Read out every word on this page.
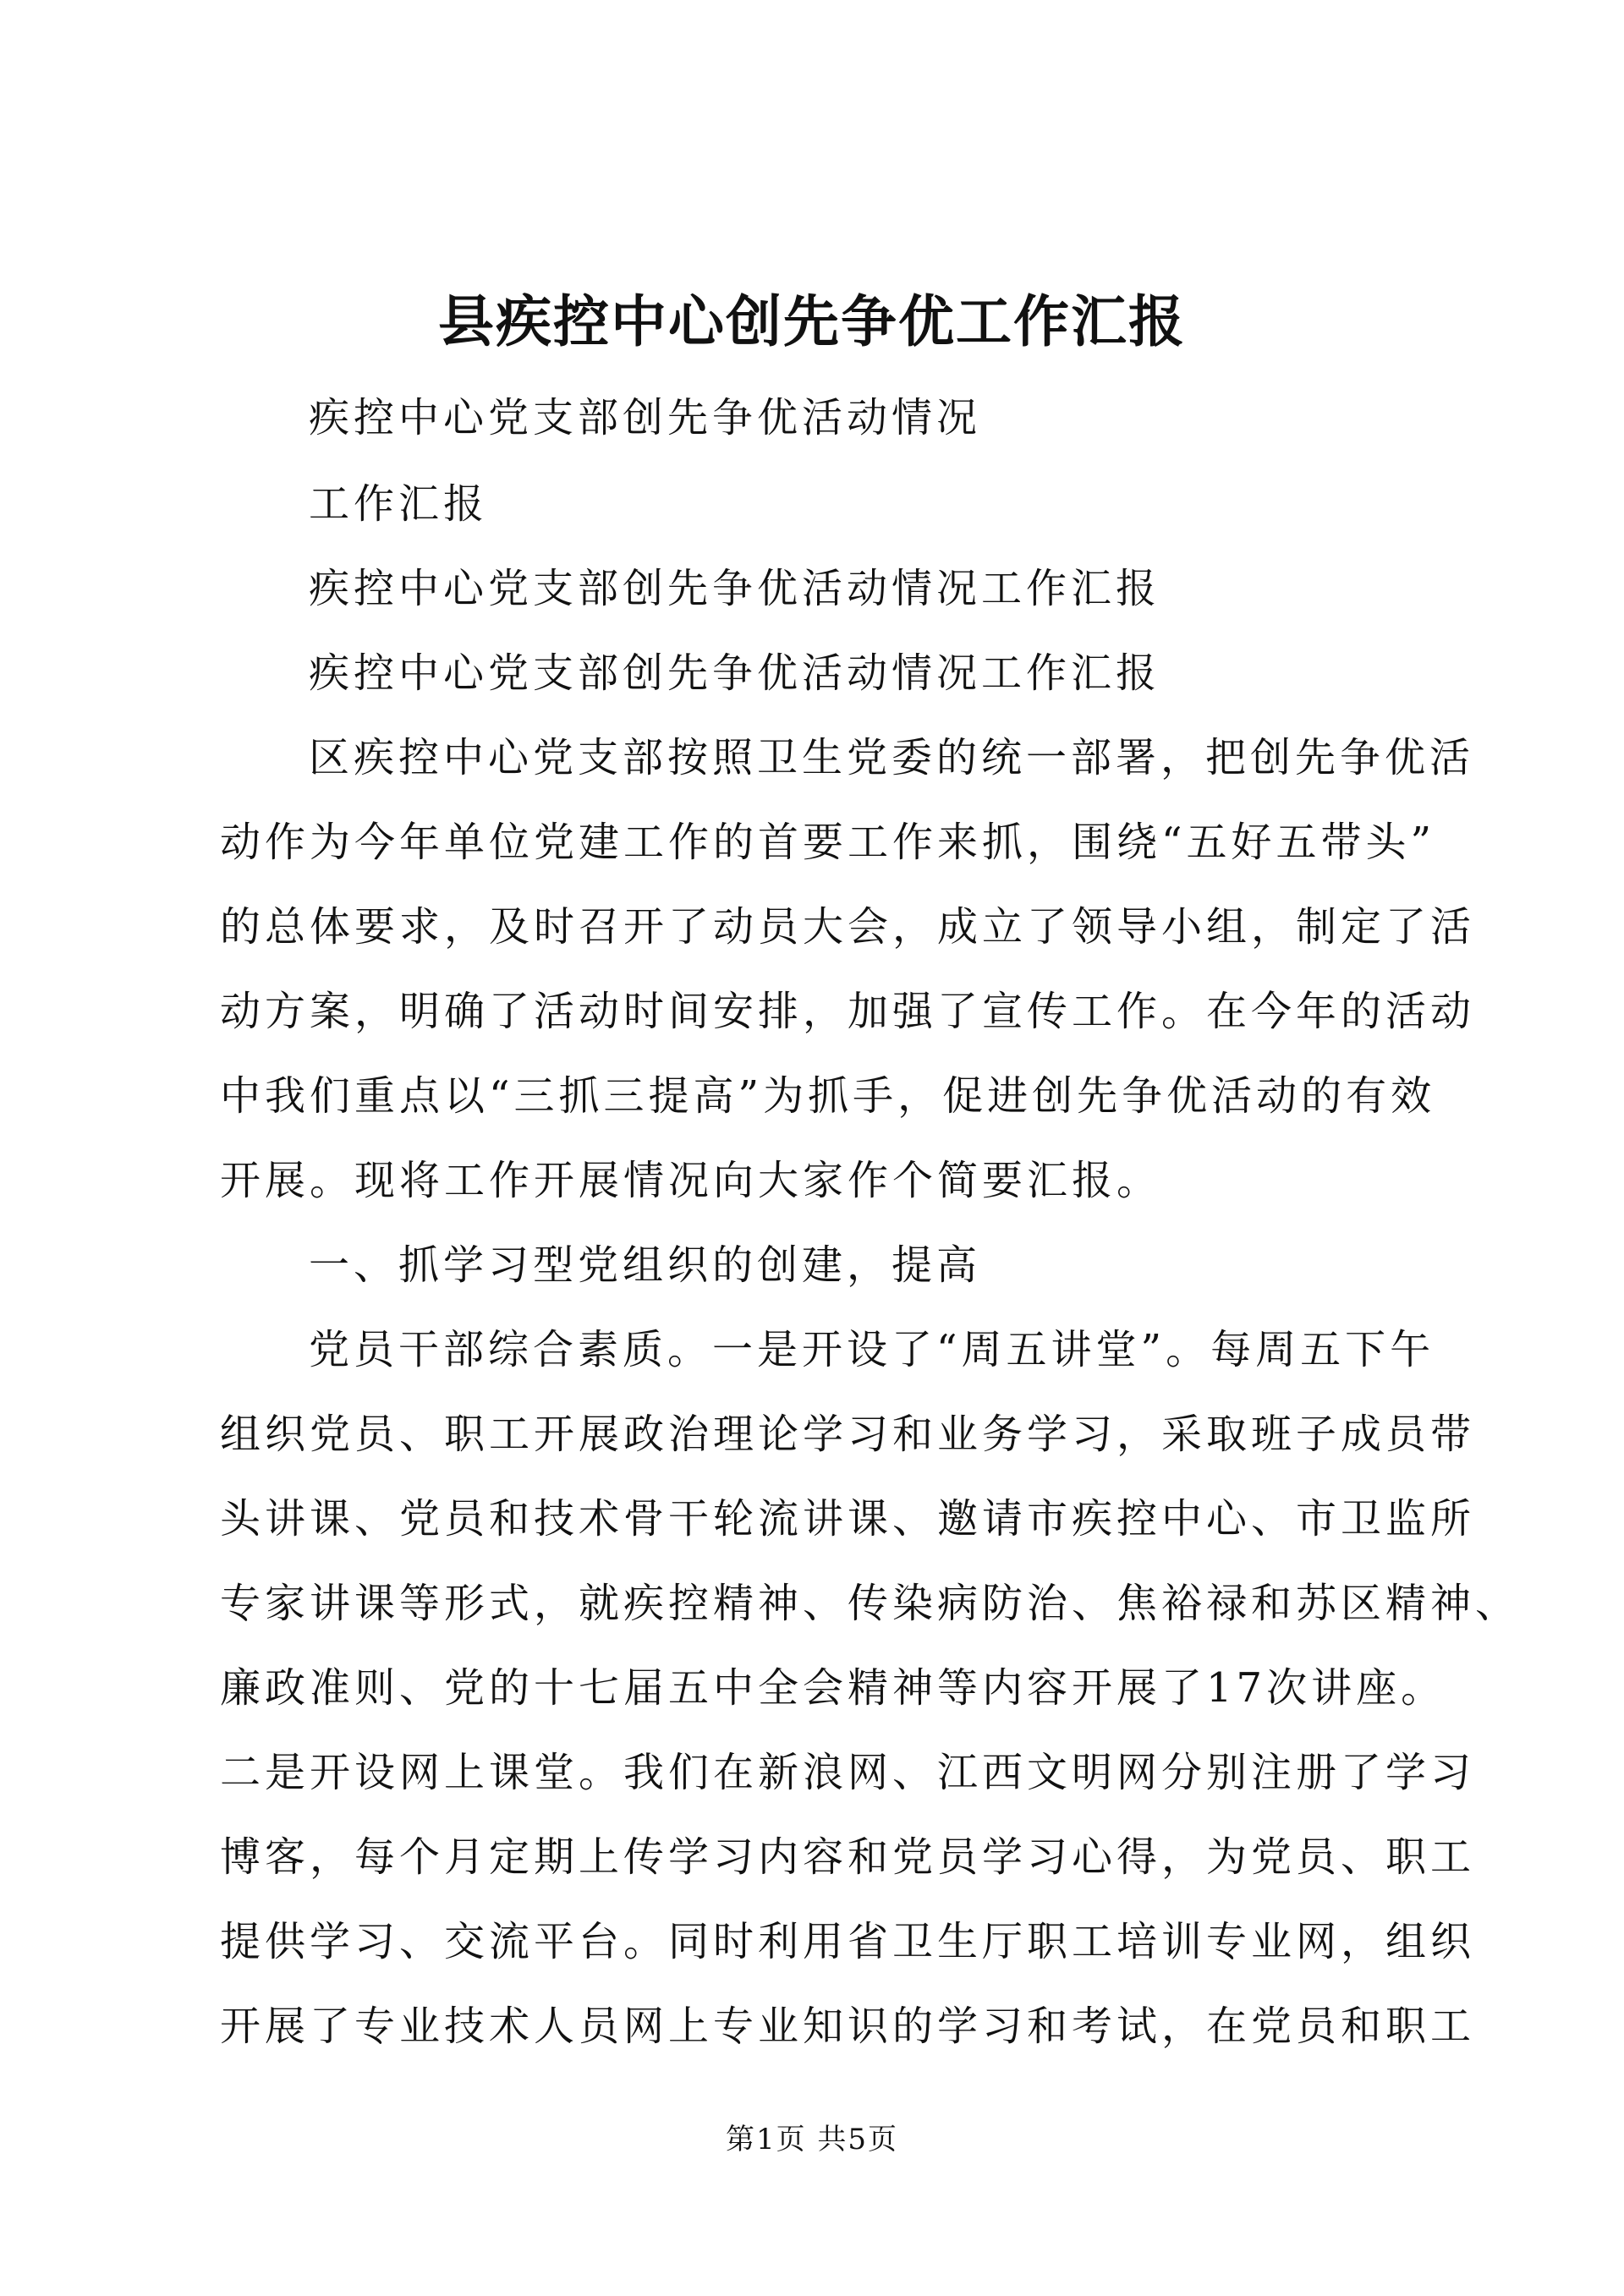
县疾控中心创先争优工作汇报

疾控中心党支部创先争优活动情况

工作汇报

疾控中心党支部创先争优活动情况工作汇报

疾控中心党支部创先争优活动情况工作汇报

区疾控中心党支部按照卫生党委的统一部署，把创先争优活

动作为今年单位党建工作的首要工作来抓，围绕“五好五带头”

的总体要求，及时召开了动员大会，成立了领导小组，制定了活

动方案，明确了活动时间安排，加强了宣传工作。在今年的活动

中我们重点以“三抓三提高”为抓手，促进创先争优活动的有效

开展。现将工作开展情况向大家作个简要汇报。

一、抓学习型党组织的创建，提高

党员干部综合素质。一是开设了“周五讲堂”。每周五下午

组织党员、职工开展政治理论学习和业务学习，采取班子成员带

头讲课、党员和技术骨干轮流讲课、邀请市疾控中心、市卫监所

专家讲课等形式，就疾控精神、传染病防治、焦裕禄和苏区精神、

廉政准则、党的十七届五中全会精神等内容开展了17次讲座。

二是开设网上课堂。我们在新浪网、江西文明网分别注册了学习

博客，每个月定期上传学习内容和党员学习心得，为党员、职工

提供学习、交流平台。同时利用省卫生厅职工培训专业网，组织

开展了专业技术人员网上专业知识的学习和考试，在党员和职工

第1页 共5页
